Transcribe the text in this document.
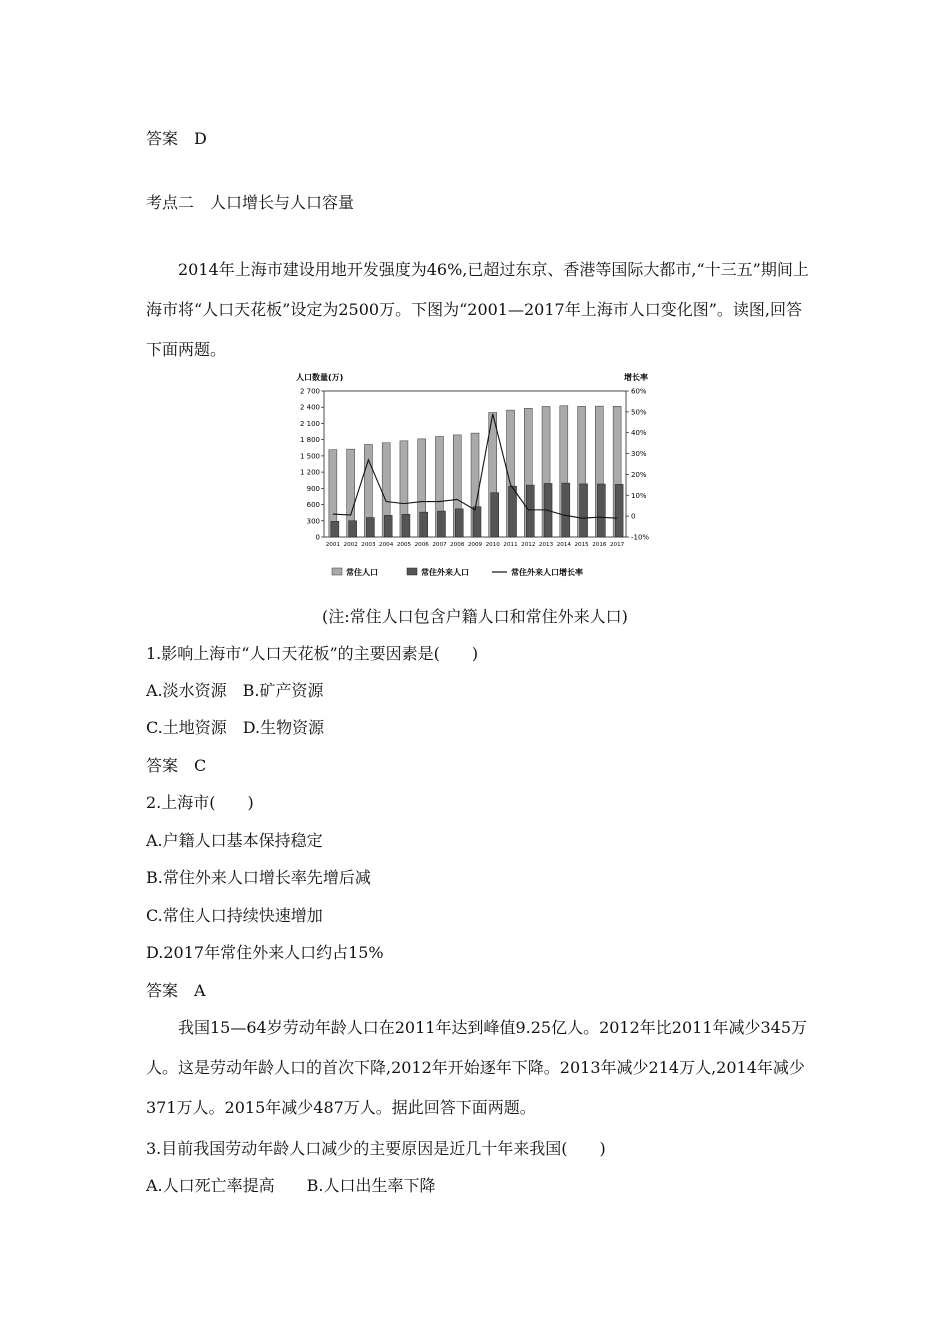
答案 D
考点二 人口增长与人口容量
2014年上海市建设用地开发强度为46%,已超过东京、香港等国际大都市,“十三五”期间上海市将“人口天花板”设定为2500万。下图为“2001—2017年上海市人口变化图”。读图,回答下面两题。
人口数量(万)	增长率
2 700
2 400
2 100
1 800
1 500
1 200
900
600
300
0
60%
50%
40%
30%
20%
10%
0
-10%
2001 2002 2003 2004 2005 2006 2007 2008 2009 2010 2011 2012 2013 2014 2015 2016 2017
常住人口	常住外来人口	常住外来人口增长率
(注:常住人口包含户籍人口和常住外来人口)
1.影响上海市“人口天花板”的主要因素是(　　)
A.淡水资源 B.矿产资源
C.土地资源 D.生物资源
答案 C
2.上海市(　　)
A.户籍人口基本保持稳定
B.常住外来人口增长率先增后减
C.常住人口持续快速增加
D.2017年常住外来人口约占15%
答案 A
我国15—64岁劳动年龄人口在2011年达到峰值9.25亿人。2012年比2011年减少345万人。这是劳动年龄人口的首次下降,2012年开始逐年下降。2013年减少214万人,2014年减少371万人。2015年减少487万人。据此回答下面两题。
3.目前我国劳动年龄人口减少的主要原因是近几十年来我国(　　)
A.人口死亡率提高 B.人口出生率下降
